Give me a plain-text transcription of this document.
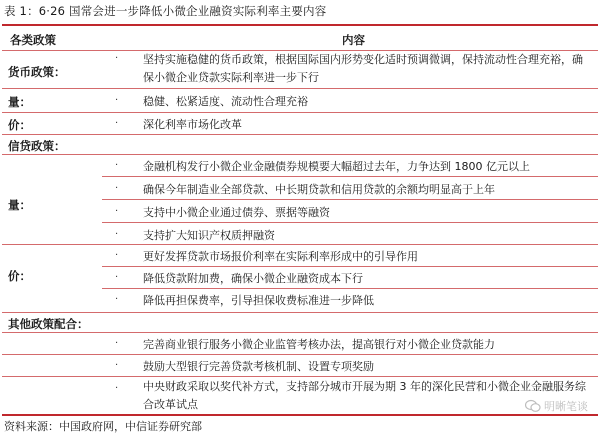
表 1：6·26 国常会进一步降低小微企业融资实际利率主要内容
各类政策	内容
货币政策：
· 坚持实施稳健的货币政策，根据国际国内形势变化适时预调微调，保持流动性合理充裕，确保小微企业贷款实际利率进一步下行
量：	· 稳健、松紧适度、流动性合理充裕
价：	· 深化利率市场化改革
信贷政策：
量：
· 金融机构发行小微企业金融债券规模要大幅超过去年，力争达到 1800 亿元以上
· 确保今年制造业全部贷款、中长期贷款和信用贷款的余额均明显高于上年
· 支持中小微企业通过债券、票据等融资
· 支持扩大知识产权质押融资
价：
· 更好发挥贷款市场报价利率在实际利率形成中的引导作用
· 降低贷款附加费，确保小微企业融资成本下行
· 降低再担保费率，引导担保收费标准进一步降低
其他政策配合：
· 完善商业银行服务小微企业监管考核办法，提高银行对小微企业贷款能力
· 鼓励大型银行完善贷款考核机制、设置专项奖励
· 中央财政采取以奖代补方式，支持部分城市开展为期 3 年的深化民营和小微企业金融服务综合改革试点	明晰笔谈
资料来源：中国政府网，中信证券研究部
